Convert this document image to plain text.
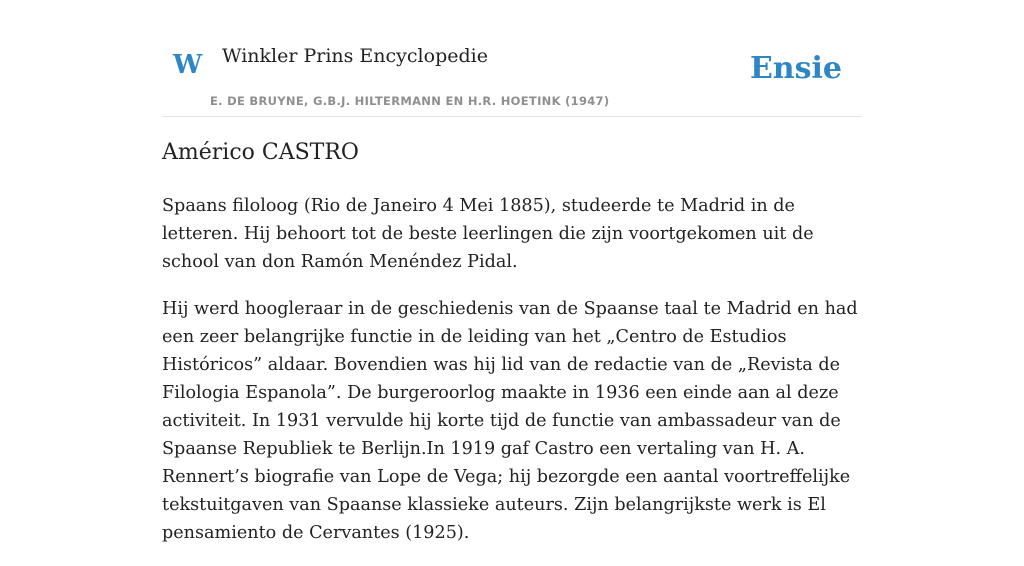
W Winkler Prins Encyclopedie
E. DE BRUYNE, G.B.J. HILTERMANN EN H.R. HOETINK (1947)
Ensie
Américo CASTRO

Spaans filoloog (Rio de Janeiro 4 Mei 1885), studeerde te Madrid in de letteren. Hij behoort tot de beste leerlingen die zijn voortgekomen uit de school van don Ramón Menéndez Pidal.

Hij werd hoogleraar in de geschiedenis van de Spaanse taal te Madrid en had een zeer belangrijke functie in de leiding van het „Centro de Estudios Históricos” aldaar. Bovendien was hij lid van de redactie van de „Revista de Filologia Espanola”. De burgeroorlog maakte in 1936 een einde aan al deze activiteit. In 1931 vervulde hij korte tijd de functie van ambassadeur van de Spaanse Republiek te Berlijn.In 1919 gaf Castro een vertaling van H. A. Rennert’s biografie van Lope de Vega; hij bezorgde een aantal voortreffelijke tekstuitgaven van Spaanse klassieke auteurs. Zijn belangrijkste werk is El pensamiento de Cervantes (1925).
